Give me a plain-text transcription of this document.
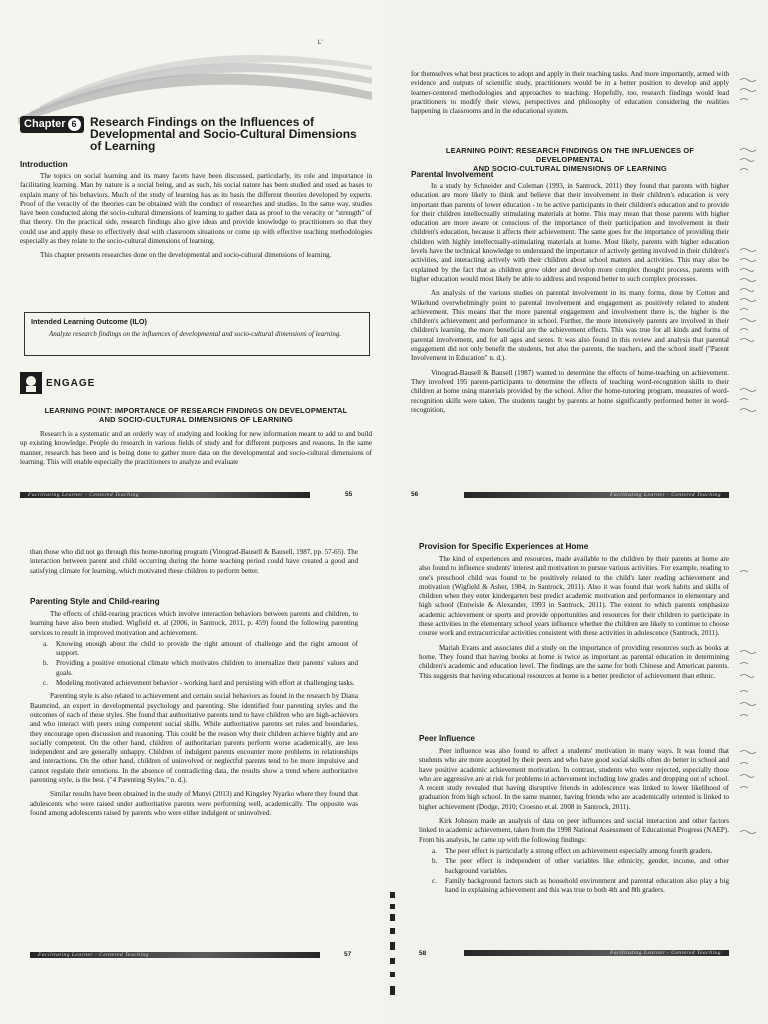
L'
Chapter 6	Research Findings on the Influences of
Developmental and Socio-Cultural Dimensions
of Learning
Introduction

The topics on social learning and its many facets have been discussed, particularly, its role and importance in facilitating learning. Man by nature is a social being, and as such, his social nature has been studied and used as bases to explain many of his behaviors. Much of the study of learning has as its basis the different theories developed by experts. Proof of the veracity of the theories can be obtained with the conduct of researches and studies. In the same way, studies have been conducted along the socio-cultural dimensions of learning to gather data as proof to the veracity or "strength" of that theory. On the practical side, research findings also give ideas and provide knowledge to practitioners so that they could use and apply these to effectively deal with classroom situations or come up with effective teaching methodologies especially as they relate to the socio-cultural dimensions of learning.

This chapter presents researches done on the developmental and socio-cultural dimensions of learning.

Intended Learning Outcome (ILO)
Analyze research findings on the influences of developmental and socio-cultural dimensions of learning.
ENGAGE
LEARNING POINT: IMPORTANCE OF RESEARCH FINDINGS ON DEVELOPMENTAL
AND SOCIO-CULTURAL DIMENSIONS OF LEARNING

Research is a systematic and an orderly way of studying and looking for new information meant to add to and build up existing knowledge. People do research in various fields of study and for different purposes and reasons. In the same manner, research has been and is being done to gather more data on the developmental and socio-cultural dimensions of learning. This will enable especially the practitioners to analyze and evaluate

Facilitating Learner - Centered Teaching	55

for themselves what best practices to adopt and apply in their teaching tasks. And more importantly, armed with evidence and outputs of scientific study, practitioners would be in a better position to develop and apply learner-centered methodologies and approaches to teaching. Hopefully, too, research findings would lead practitioners to modify their views, perspectives and philosophy of education considering the realities happening in classrooms and in the educational system.

LEARNING POINT: RESEARCH FINDINGS ON THE INFLUENCES OF DEVELOPMENTAL
AND SOCIO-CULTURAL DIMENSIONS OF LEARNING
Parental Involvement

In a study by Schneider and Coleman (1993, in Santrock, 2011) they found that parents with higher education are more likely to think and believe that their involvement in their children's education is very important than parents of lower education - to be active participants in their children's education and to provide for their children intellectually stimulating materials at home. This may mean that those parents with higher education are more aware or conscious of the importance of their participation and involvement in their children's education, because it affects their achievement. The same goes for the importance of providing their children with highly intellectually-stimulating materials at home. Most likely, parents with higher education levels have the technical knowledge to understand the importance of actively getting involved in their children's activities, and interacting actively with their children about school matters and activities. This may also be explained by the fact that as children grow older and develop more complex thought process, parents with higher education would most likely be able to address and respond better to such complex processes.

An analysis of the various studies on parental involvement in its many forms, done by Cotton and Wikelund overwhelmingly point to parental involvement and engagement as positively related to student achievement. This means that the more parental engagement and involvement there is, the higher is the children's achievement and performance in school. Further, the more intensively parents are involved in their children's learning, the more beneficial are the achievement effects. This was true for all kinds and forms of parental involvement, and for all ages and sexes. It was also found in this review and analysis that parental engagement did not only benefit the students, but also the parents, the teachers, and the school itself ("Parent Involvement in Education" n. d.).

Vinograd-Bausell & Bausell (1987) wanted to determine the effects of home-teaching on achievement. They involved 195 parent-participants to determine the effects of teaching word-recognition skills to their children at home using materials provided by the school. After the home-tutoring program, measures of word-recognition skills were taken. The students taught by parents at home significantly performed better in word-recognition,

56	Facilitating Learner - Centered Teaching

than those who did not go through this home-tutoring program (Vinograd-Bausell & Bausell, 1987, pp. 57-65). The interaction between parent and child occurring during the home teaching period could have created a good and satisfying climate for learning, which motivated these children to perform better.

Parenting Style and Child-rearing

The effects of child-rearing practices which involve interaction behaviors between parents and children, to learning have also been studied. Wigfield et. al (2006, in Santrock, 2011, p. 459) found the following parenting services to result in improved motivation and achievement.

a. Knowing enough about the child to provide the right amount of challenge and the right amount of support.
b. Providing a positive emotional climate which motivates children to internalize their parents' values and goals.
c. Modeling motivated achievement behavior - working hard and persisting with effort at challenging tasks.

Parenting style is also related to achievement and certain social behaviors as found in the research by Diana Baumrind, an expert in developmental psychology and parenting. She identified four parenting styles and the outcomes of each of these styles. She found that authoritative parents tend to have children who are high-achievers and who interact with peers using competent social skills. While authoritative parents set rules and boundaries, they encourage open discussion and reasoning. This could be the reason why their children achieve highly and are socially competent. On the other hand, children of authoritarian parents perform worse academically, are less independent and are generally unhappy. Children of indulgent parents encounter more problems in relationships and interactions. On the other hand, children of uninvolved or neglectful parents tend to be more impulsive and cannot regulate their emotions. In the absence of contradicting data, the results show a trend where authoritative parenting style, is the best. ("4 Parenting Styles," n. d.).

Similar results have been obtained in the study of Munyi (2013) and Kingsley Nyarko where they found that adolescents who were raised under authoritative parents were performing well, academically. The opposite was found among adolescents raised by parents who were either indulgent or uninvolved.

Facilitating Learner - Centered Teaching	57
Provision for Specific Experiences at Home

The kind of experiences and resources, made available to the children by their parents at home are also found to influence students' interest and motivation to pursue various activities. For example, reading to one's preschool child was found to be positively related to the child's later reading achievement and motivation (Wigfield & Asher, 1984, in Santrock, 2011). Also it was found that work habits and skills of children when they enter kindergarten best predict academic motivation and performance in elementary and high school (Entwisle & Alexander, 1993 in Santrock, 2011). The extent to which parents emphasize academic achievement or sports and provide opportunities and resources for their children to participate in these activities in the elementary school years influence whether the children are likely to continue to choose course work and extracurricular activities consistent with these activities in adolescence (Santrock, 2011).

Mariah Evans and associates did a study on the importance of providing resources such as books at home. They found that having books at home is twice as important as parental education in determining children's academic and education level. The findings are the same for both Chinese and American parents. This suggests that having educational resources at home is a better predictor of achievement than ethnic.

Peer Influence

Peer influence was also found to affect a students' motivation in many ways. It was found that students who are more accepted by their peers and who have good social skills often do better in school and have positive academic achievement motivation. In contrast, students who were rejected, especially those who are aggressive are at risk for problems in achievement including low grades and dropping out of school. A recent study revealed that having disruptive friends in adolescence was linked to lower likelihood of graduation from high school. In the same manner, having friends who are academically oriented is linked to higher achievement (Dodge, 2010; Croesno et.al. 2008 in Santrock, 2011).

Kirk Johnson made an analysis of data on peer influences and social interaction and other factors linked to academic achievement, taken from the 1998 National Assessment of Educational Progress (NAEP). From his analysis, he came up with the following findings:

a. The peer effect is particularly a strong effect on achievement especially among fourth graders.
b. The peer effect is independent of other variables like ethnicity, gender, income, and other background variables.
c. Family background factors such as household environment and parental education also play a big hand in explaining achievement and this was true to both 4th and 8th graders.
58	Facilitating Learner - Centered Teaching
